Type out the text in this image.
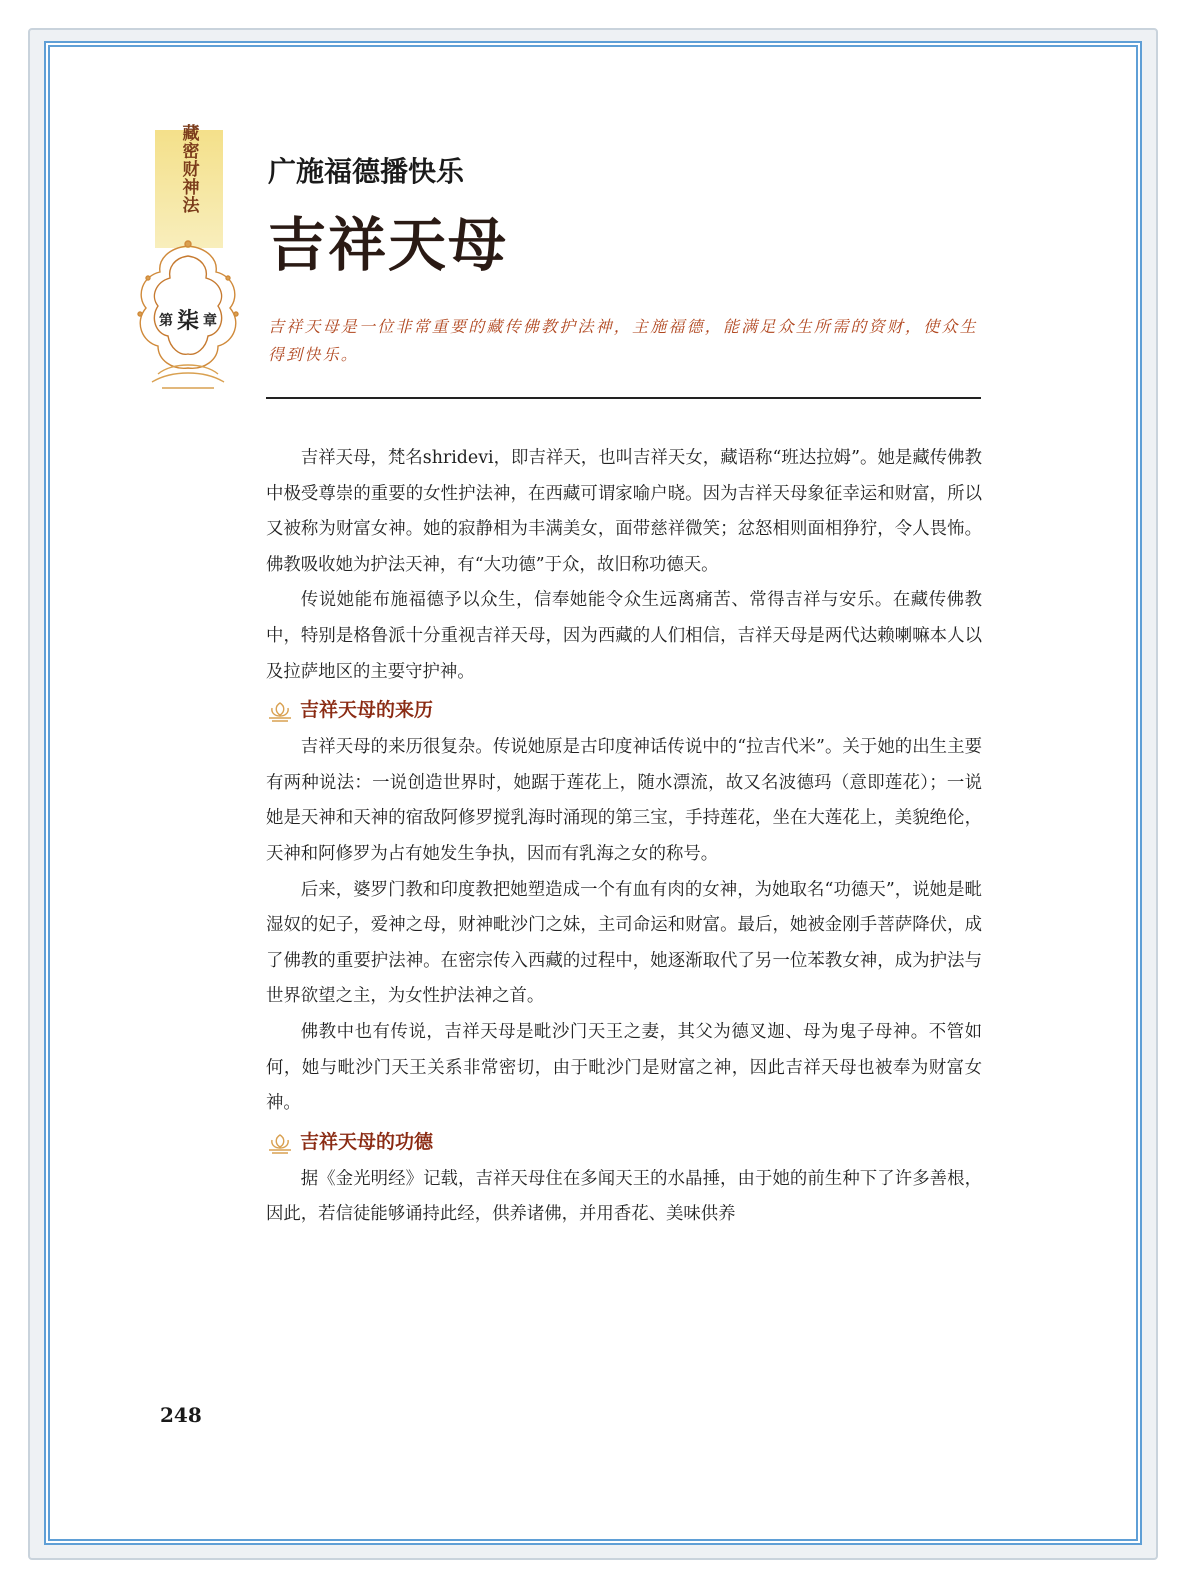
藏密财神法
第 柒 章
广施福德播快乐
吉祥天母
吉祥天母是一位非常重要的藏传佛教护法神，主施福德，能满足众生所需的资财，使众生得到快乐。

吉祥天母，梵名shridevi，即吉祥天，也叫吉祥天女，藏语称“班达拉姆”。她是藏传佛教中极受尊崇的重要的女性护法神，在西藏可谓家喻户晓。因为吉祥天母象征幸运和财富，所以又被称为财富女神。她的寂静相为丰满美女，面带慈祥微笑；忿怒相则面相狰狞，令人畏怖。佛教吸收她为护法天神，有“大功德”于众，故旧称功德天。

传说她能布施福德予以众生，信奉她能令众生远离痛苦、常得吉祥与安乐。在藏传佛教中，特别是格鲁派十分重视吉祥天母，因为西藏的人们相信，吉祥天母是两代达赖喇嘛本人以及拉萨地区的主要守护神。

吉祥天母的来历

吉祥天母的来历很复杂。传说她原是古印度神话传说中的“拉吉代米”。关于她的出生主要有两种说法：一说创造世界时，她踞于莲花上，随水漂流，故又名波德玛（意即莲花）；一说她是天神和天神的宿敌阿修罗搅乳海时涌现的第三宝，手持莲花，坐在大莲花上，美貌绝伦，天神和阿修罗为占有她发生争执，因而有乳海之女的称号。

后来，婆罗门教和印度教把她塑造成一个有血有肉的女神，为她取名“功德天”，说她是毗湿奴的妃子，爱神之母，财神毗沙门之妹，主司命运和财富。最后，她被金刚手菩萨降伏，成了佛教的重要护法神。在密宗传入西藏的过程中，她逐渐取代了另一位苯教女神，成为护法与世界欲望之主，为女性护法神之首。

佛教中也有传说，吉祥天母是毗沙门天王之妻，其父为德叉迦、母为鬼子母神。不管如何，她与毗沙门天王关系非常密切，由于毗沙门是财富之神，因此吉祥天母也被奉为财富女神。

吉祥天母的功德

据《金光明经》记载，吉祥天母住在多闻天王的水晶捶，由于她的前生种下了许多善根，因此，若信徒能够诵持此经，供养诸佛，并用香花、美味供养

248
